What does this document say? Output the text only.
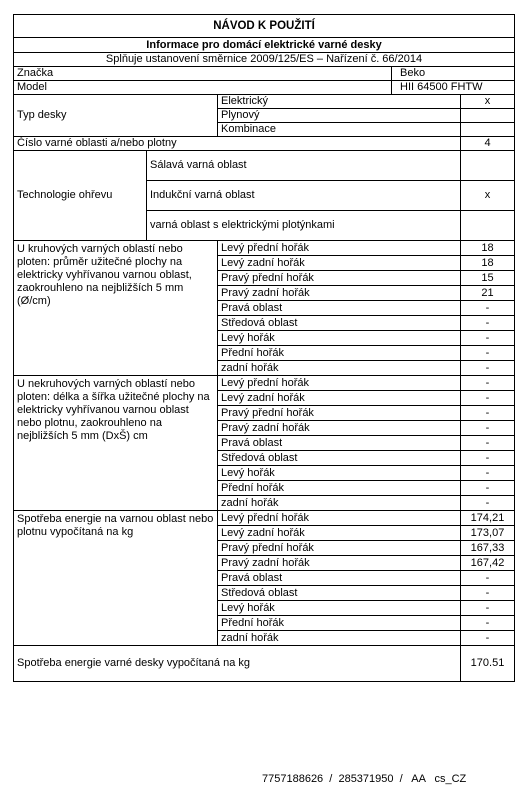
NÁVOD K POUŽITÍ				
Informace pro domácí elektrické varné desky				
Splňuje ustanovení směrnice 2009/125/ES – Nařízení č. 66/2014				
Značka			Beko	
Model			HII 64500 FHTW	
Typ desky		Elektrický		x
		Plynový		
		Kombinace		
Číslo varné oblasti a/nebo plotny				4
Technologie ohřevu	Sálavá varná oblast			
	Indukční varná oblast			x
	varná oblast s elektrickými plotýnkami			
U kruhových varných oblastí nebo ploten: průměr užitečné plochy na elektricky vyhřívanou varnou oblast, zaokrouhleno na nejbližších 5 mm (Ø/cm)		Levý přední hořák		18
		Levý zadní hořák		18
		Pravý přední hořák		15
		Pravý zadní hořák		21
		Pravá oblast		-
		Středová oblast		-
		Levý hořák		-
		Přední hořák		-
		zadní hořák		-
U nekruhových varných oblastí nebo ploten: délka a šířka užitečné plochy na elektricky vyhřívanou varnou oblast nebo plotnu, zaokrouhleno na nejbližších 5 mm (DxŠ) cm		Levý přední hořák		-
		Levý zadní hořák		-
		Pravý přední hořák		-
		Pravý zadní hořák		-
		Pravá oblast		-
		Středová oblast		-
		Levý hořák		-
		Přední hořák		-
		zadní hořák		-
Spotřeba energie na varnou oblast nebo plotnu vypočítaná na kg		Levý přední hořák		174,21
		Levý zadní hořák		173,07
		Pravý přední hořák		167,33
		Pravý zadní hořák		167,42
		Pravá oblast		-
		Středová oblast		-
		Levý hořák		-
		Přední hořák		-
		zadní hořák		-
Spotřeba energie varné desky vypočítaná na kg				170.51
7757188626  /  285371950  /   AA   cs_CZ
